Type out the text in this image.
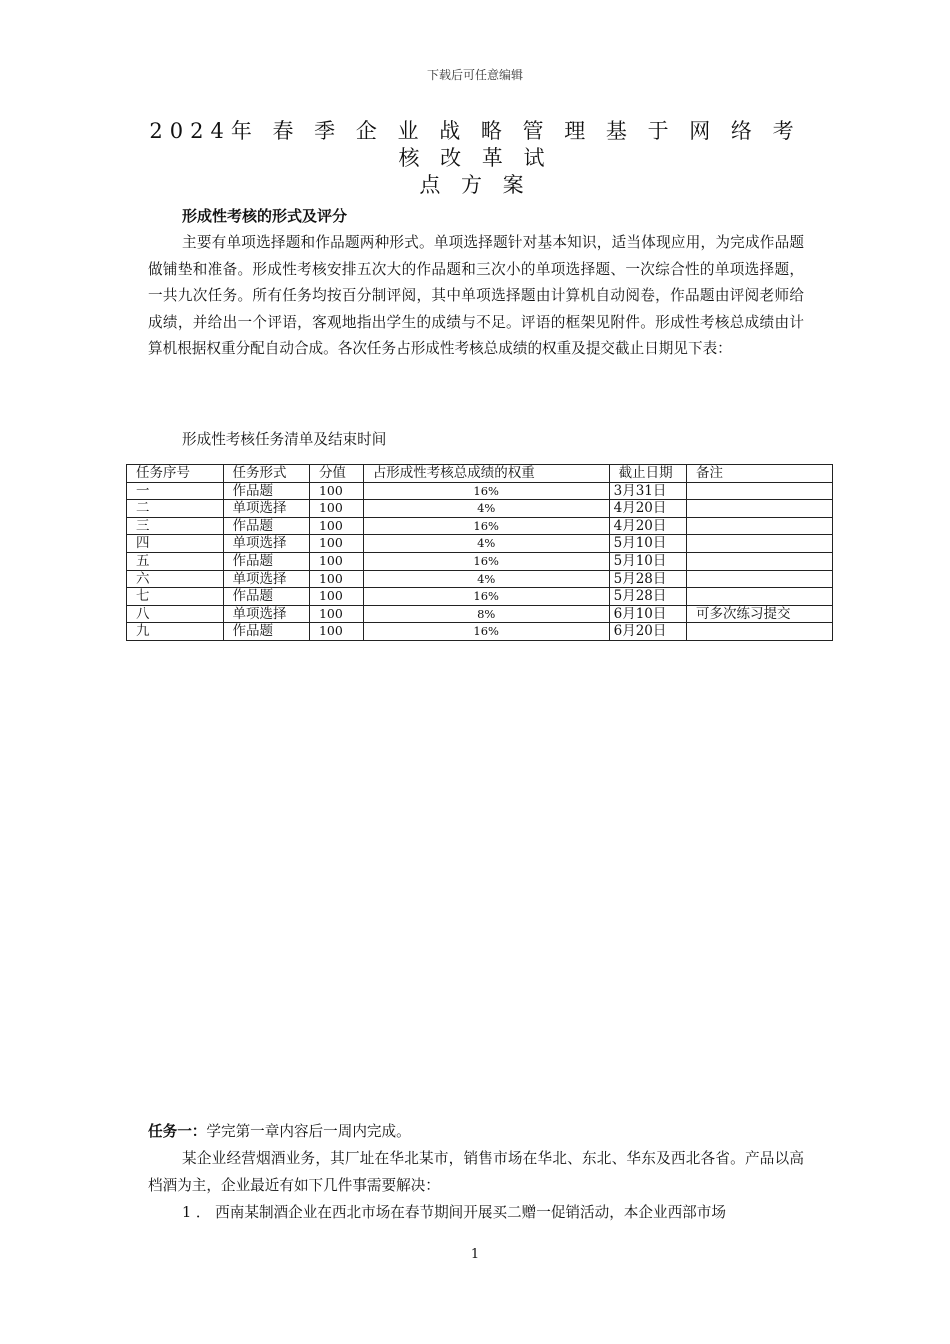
下载后可任意编辑
2024年 春 季 企 业 战 略 管 理 基 于 网 络 考 核 改 革 试
点 方 案
形成性考核的形式及评分

主要有单项选择题和作品题两种形式。单项选择题针对基本知识，适当体现应用，为完成作品题做铺垫和准备。形成性考核安排五次大的作品题和三次小的单项选择题、一次综合性的单项选择题，一共九次任务。所有任务均按百分制评阅，其中单项选择题由计算机自动阅卷，作品题由评阅老师给成绩，并给出一个评语，客观地指出学生的成绩与不足。评语的框架见附件。形成性考核总成绩由计算机根据权重分配自动合成。各次任务占形成性考核总成绩的权重及提交截止日期见下表：

形成性考核任务清单及结束时间
任务序号	任务形式	分值	占形成性考核总成绩的权重	截止日期	备注
一	作品题	100	16%	3月31日	
二	单项选择	100	4%	4月20日	
三	作品题	100	16%	4月20日	
四	单项选择	100	4%	5月10日	
五	作品题	100	16%	5月10日	
六	单项选择	100	4%	5月28日	
七	作品题	100	16%	5月28日	
八	单项选择	100	8%	6月10日	可多次练习提交
九	作品题	100	16%	6月20日	
任务一：学完第一章内容后一周内完成。

某企业经营烟酒业务，其厂址在华北某市，销售市场在华北、东北、华东及西北各省。产品以高档酒为主，企业最近有如下几件事需要解决：

1 ． 西南某制酒企业在西北市场在春节期间开展买二赠一促销活动，本企业西部市场
1
